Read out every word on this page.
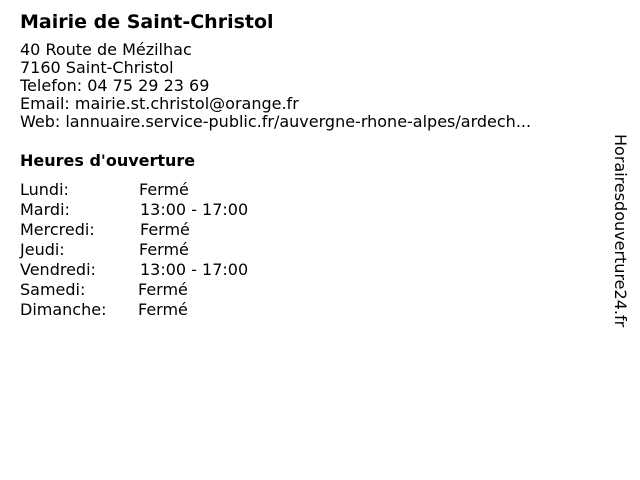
Mairie de Saint-Christol
40 Route de Mézilhac
7160 Saint-Christol
Telefon: 04 75 29 23 69
Email: mairie.st.christol@orange.fr
Web: lannuaire.service-public.fr/auvergne-rhone-alpes/ardech...
Heures d'ouverture
Lundi:	Fermé
Mardi:	13:00 - 17:00
Mercredi:	Fermé
Jeudi:	Fermé
Vendredi:	13:00 - 17:00
Samedi:	Fermé
Dimanche:	Fermé	Horairesdouverture24.fr
